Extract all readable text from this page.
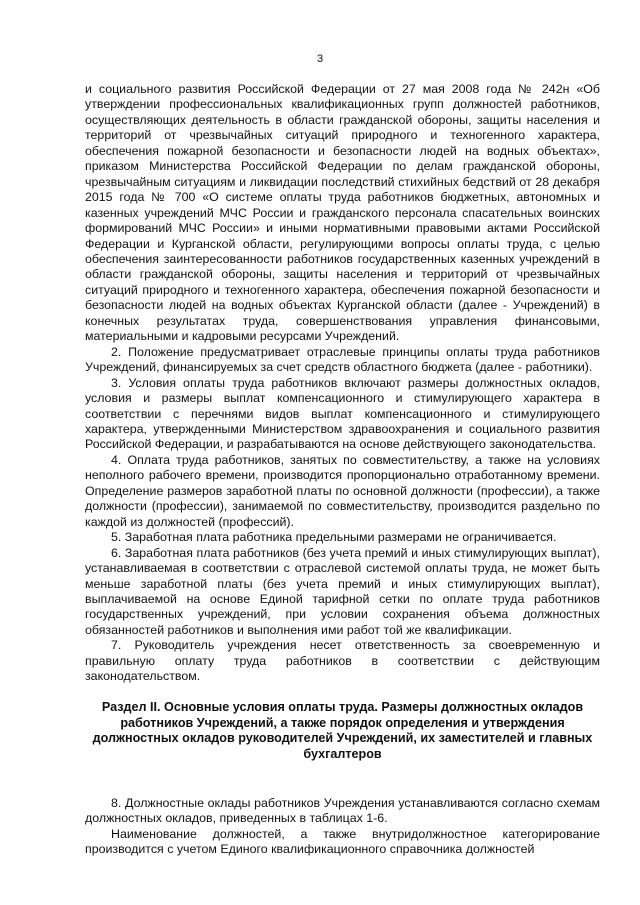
3

и социального развития Российской Федерации от 27 мая 2008 года № 242н «Об утверждении профессиональных квалификационных групп должностей работников, осуществляющих деятельность в области гражданской обороны, защиты населения и территорий от чрезвычайных ситуаций природного и техногенного характера, обеспечения пожарной безопасности и безопасности людей на водных объектах», приказом Министерства Российской Федерации по делам гражданской обороны, чрезвычайным ситуациям и ликвидации последствий стихийных бедствий от 28 декабря 2015 года № 700 «О системе оплаты труда работников бюджетных, автономных и казенных учреждений МЧС России и гражданского персонала спасательных воинских формирований МЧС России» и иными нормативными правовыми актами Российской Федерации и Курганской области, регулирующими вопросы оплаты труда, с целью обеспечения заинтересованности работников государственных казенных учреждений в области гражданской обороны, защиты населения и территорий от чрезвычайных ситуаций природного и техногенного характера, обеспечения пожарной безопасности и безопасности людей на водных объектах Курганской области (далее - Учреждений) в конечных результатах труда, совершенствования управления финансовыми, материальными и кадровыми ресурсами Учреждений.

2. Положение предусматривает отраслевые принципы оплаты труда работников Учреждений, финансируемых за счет средств областного бюджета (далее - работники).

3. Условия оплаты труда работников включают размеры должностных окладов, условия и размеры выплат компенсационного и стимулирующего характера в соответствии с перечнями видов выплат компенсационного и стимулирующего характера, утвержденными Министерством здравоохранения и социального развития Российской Федерации, и разрабатываются на основе действующего законодательства.

4. Оплата труда работников, занятых по совместительству, а также на условиях неполного рабочего времени, производится пропорционально отработанному времени. Определение размеров заработной платы по основной должности (профессии), а также должности (профессии), занимаемой по совместительству, производится раздельно по каждой из должностей (профессий).

5. Заработная плата работника предельными размерами не ограничивается.

6. Заработная плата работников (без учета премий и иных стимулирующих выплат), устанавливаемая в соответствии с отраслевой системой оплаты труда, не может быть меньше заработной платы (без учета премий и иных стимулирующих выплат), выплачиваемой на основе Единой тарифной сетки по оплате труда работников государственных учреждений, при условии сохранения объема должностных обязанностей работников и выполнения ими работ той же квалификации.

7. Руководитель учреждения несет ответственность за своевременную и правильную оплату труда работников в соответствии с действующим законодательством.

Раздел II. Основные условия оплаты труда. Размеры должностных окладов

работников Учреждений, а также порядок определения и утверждения

должностных окладов руководителей Учреждений, их заместителей и главных

бухгалтеров

8. Должностные оклады работников Учреждения устанавливаются согласно схемам должностных окладов, приведенных в таблицах 1-6.

Наименование должностей, а также внутридолжностное категорирование производится с учетом Единого квалификационного справочника должностей
